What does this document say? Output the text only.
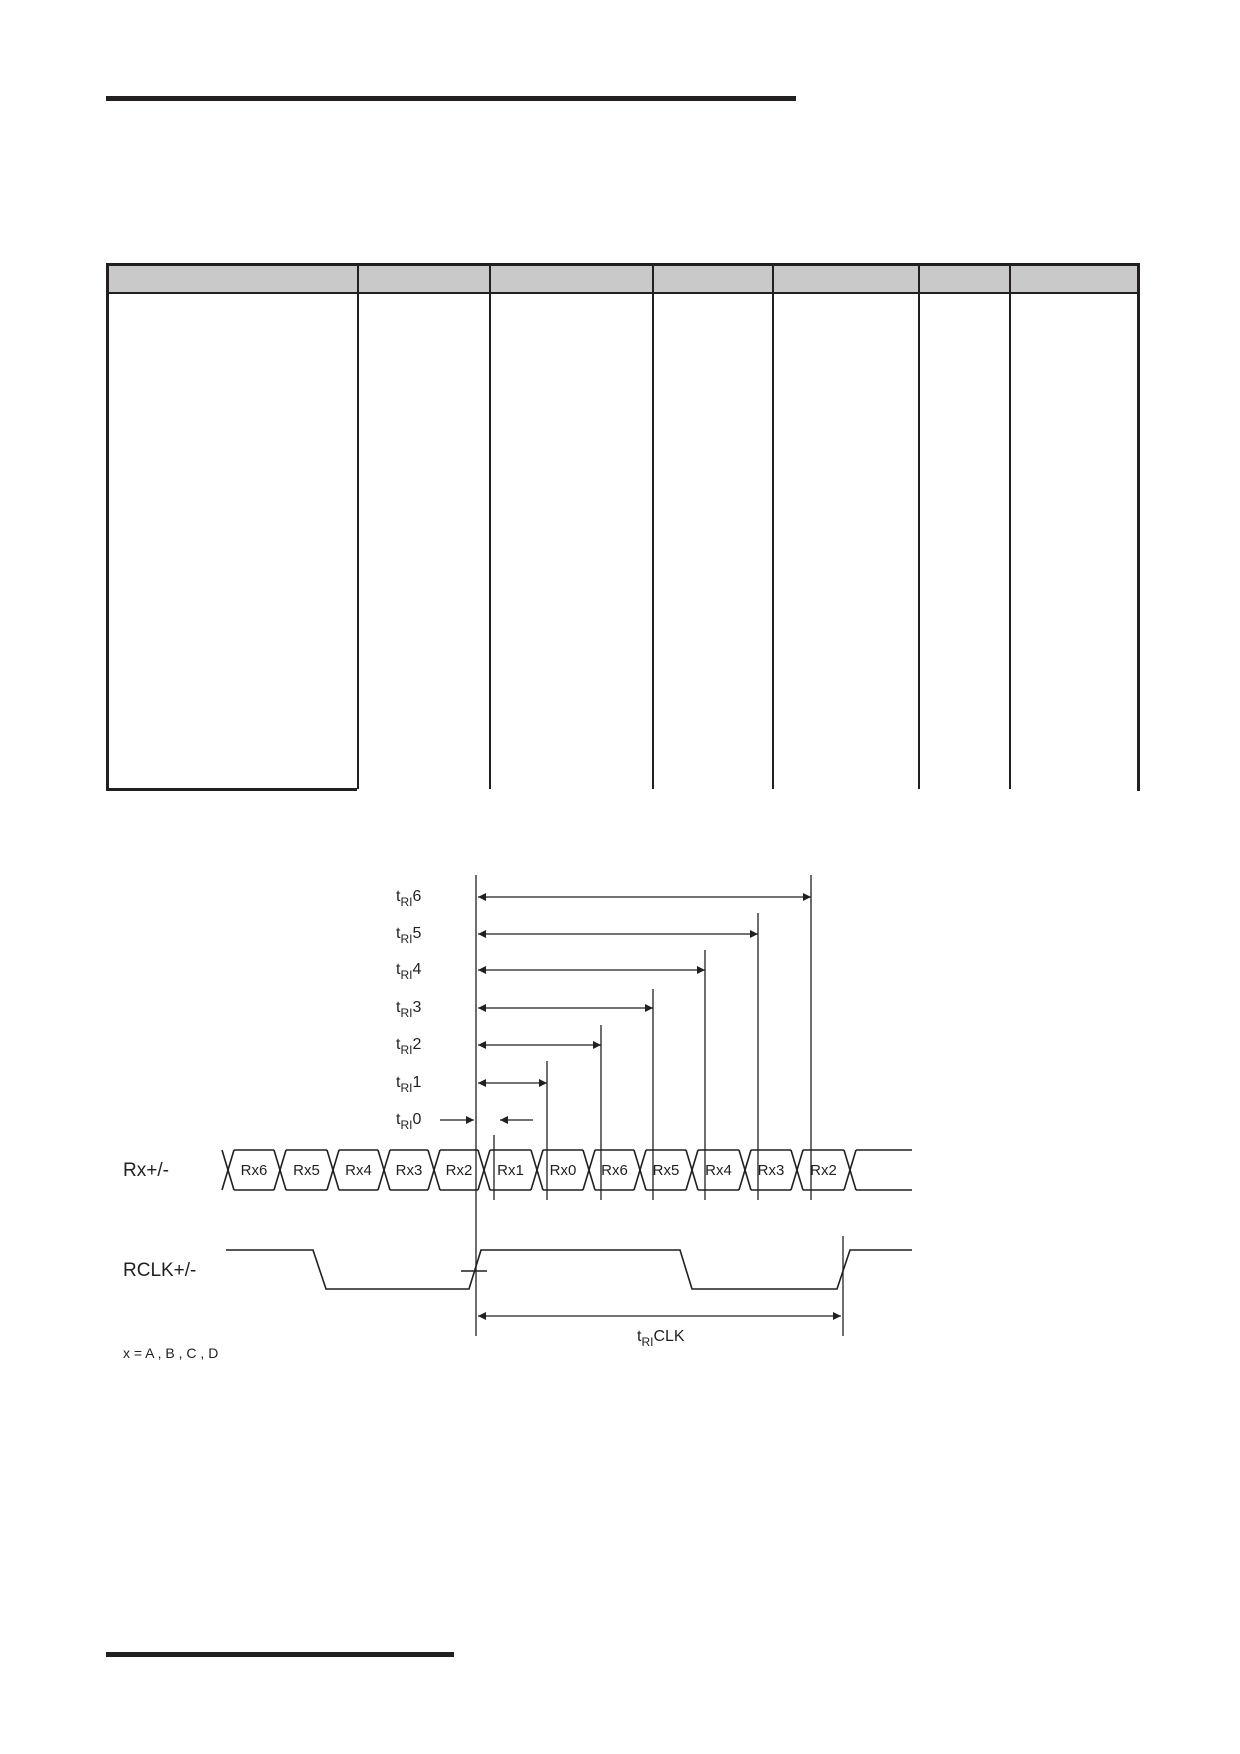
$t_{RI}6$
$t_{RI}5$
$t_{RI}4$
$t_{RI}3$
$t_{RI}2$
$t_{RI}1$
$t_{RI}0$
$t_{RI}CLK$
Rx6 Rx5 Rx4 Rx3 Rx2 Rx1 Rx0 Rx6 Rx5 Rx4 Rx3 Rx2
Rx+/-
RCLK+/-
x = A , B , C , D
